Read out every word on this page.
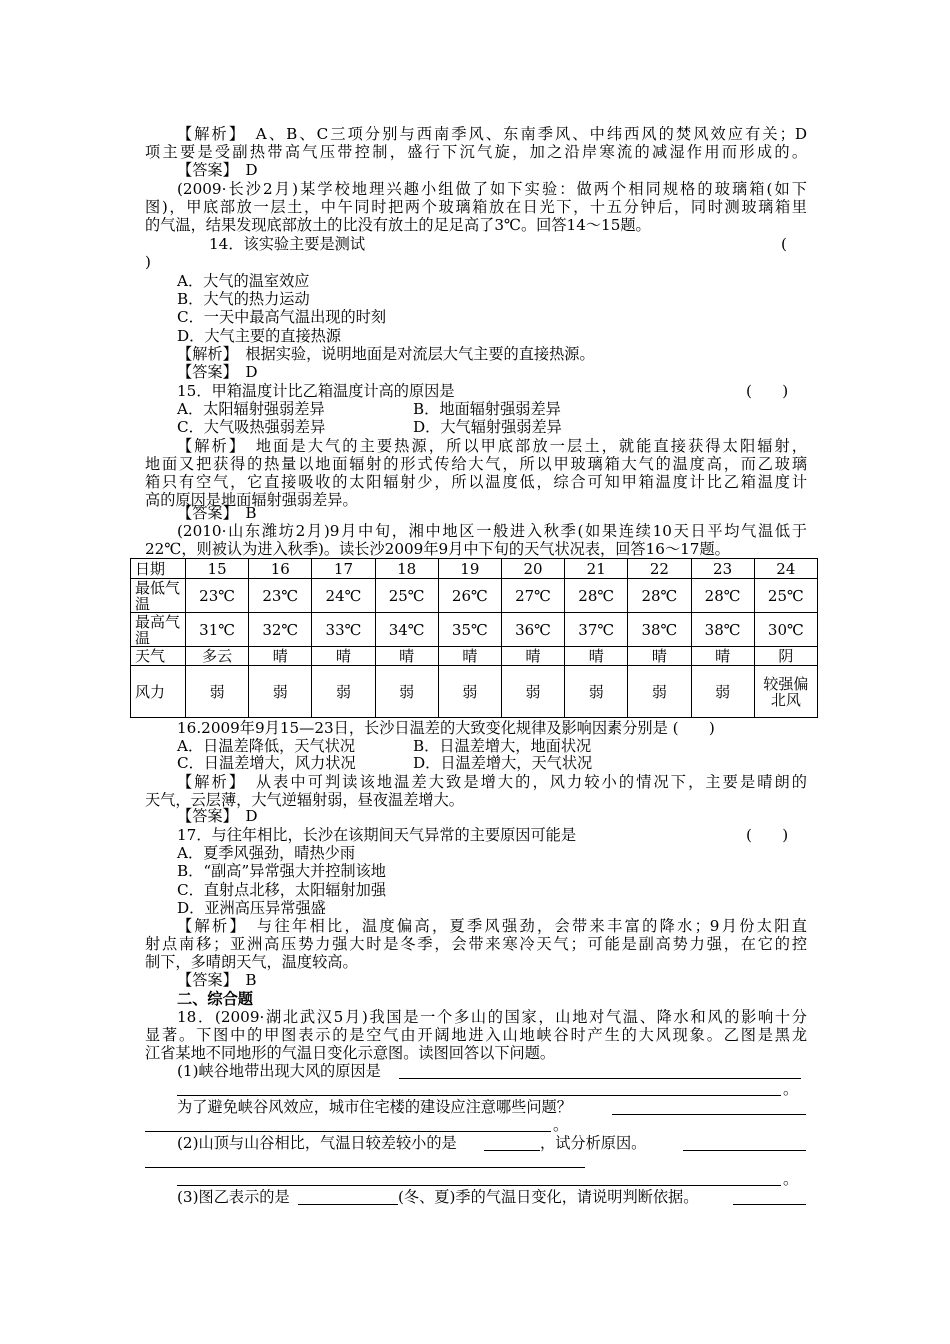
【解析】　A、B、C三项分别与西南季风、东南季风、中纬西风的焚风效应有关；D
项主要是受副热带高气压带控制，盛行下沉气旋，加之沿岸寒流的减湿作用而形成的。
【答案】　D
(2009·长沙2月)某学校地理兴趣小组做了如下实验：做两个相同规格的玻璃箱(如下
图)，甲底部放一层土，中午同时把两个玻璃箱放在日光下，十五分钟后，同时测玻璃箱里
的气温，结果发现底部放土的比没有放土的足足高了3℃。回答14～15题。
14．该实验主要是测试	(
)
A．大气的温室效应
B．大气的热力运动
C．一天中最高气温出现的时刻
D．大气主要的直接热源
【解析】　根据实验，说明地面是对流层大气主要的直接热源。
【答案】　D
15．甲箱温度计比乙箱温度计高的原因是	(　　)
A．太阳辐射强弱差异	B．地面辐射强弱差异
C．大气吸热强弱差异	D．大气辐射强弱差异
【解析】　地面是大气的主要热源，所以甲底部放一层土，就能直接获得太阳辐射，
地面又把获得的热量以地面辐射的形式传给大气，所以甲玻璃箱大气的温度高，而乙玻璃
箱只有空气，它直接吸收的太阳辐射少，所以温度低，综合可知甲箱温度计比乙箱温度计
高的原因是地面辐射强弱差异。
【答案】　B
(2010·山东潍坊2月)9月中旬，湘中地区一般进入秋季(如果连续10天日平均气温低于
22℃，则被认为进入秋季)。读长沙2009年9月中下旬的天气状况表，回答16～17题。
日期	15	16	17	18	19	20	21	22	23	24
最低气温	23℃	23℃	24℃	25℃	26℃	27℃	28℃	28℃	28℃	25℃
最高气温	31℃	32℃	33℃	34℃	35℃	36℃	37℃	38℃	38℃	30℃
天气	多云	晴	晴	晴	晴	晴	晴	晴	晴	阴
风力	弱	弱	弱	弱	弱	弱	弱	弱	弱	较强偏北风
16.2009年9月15—23日，长沙日温差的大致变化规律及影响因素分别是 (　　)
A．日温差降低，天气状况	B．日温差增大，地面状况
C．日温差增大，风力状况	D．日温差增大，天气状况
【解析】　从表中可判读该地温差大致是增大的，风力较小的情况下，主要是晴朗的
天气，云层薄，大气逆辐射弱，昼夜温差增大。
【答案】　D
17．与往年相比，长沙在该期间天气异常的主要原因可能是	(　　)
A．夏季风强劲，晴热少雨
B．“副高”异常强大并控制该地
C．直射点北移，太阳辐射加强
D．亚洲高压异常强盛
【解析】　与往年相比，温度偏高，夏季风强劲，会带来丰富的降水；9月份太阳直
射点南移；亚洲高压势力强大时是冬季，会带来寒冷天气；可能是副高势力强，在它的控
制下，多晴朗天气，温度较高。
【答案】　B
二、综合题
18．(2009·湖北武汉5月)我国是一个多山的国家，山地对气温、降水和风的影响十分
显著。下图中的甲图表示的是空气由开阔地进入山地峡谷时产生的大风现象。乙图是黑龙
江省某地不同地形的气温日变化示意图。读图回答以下问题。
(1)峡谷地带出现大风的原因是
。
为了避免峡谷风效应，城市住宅楼的建设应注意哪些问题？
。
(2)山顶与山谷相比，气温日较差较小的是	，试分析原因。
。
(3)图乙表示的是	(冬、夏)季的气温日变化，请说明判断依据。
